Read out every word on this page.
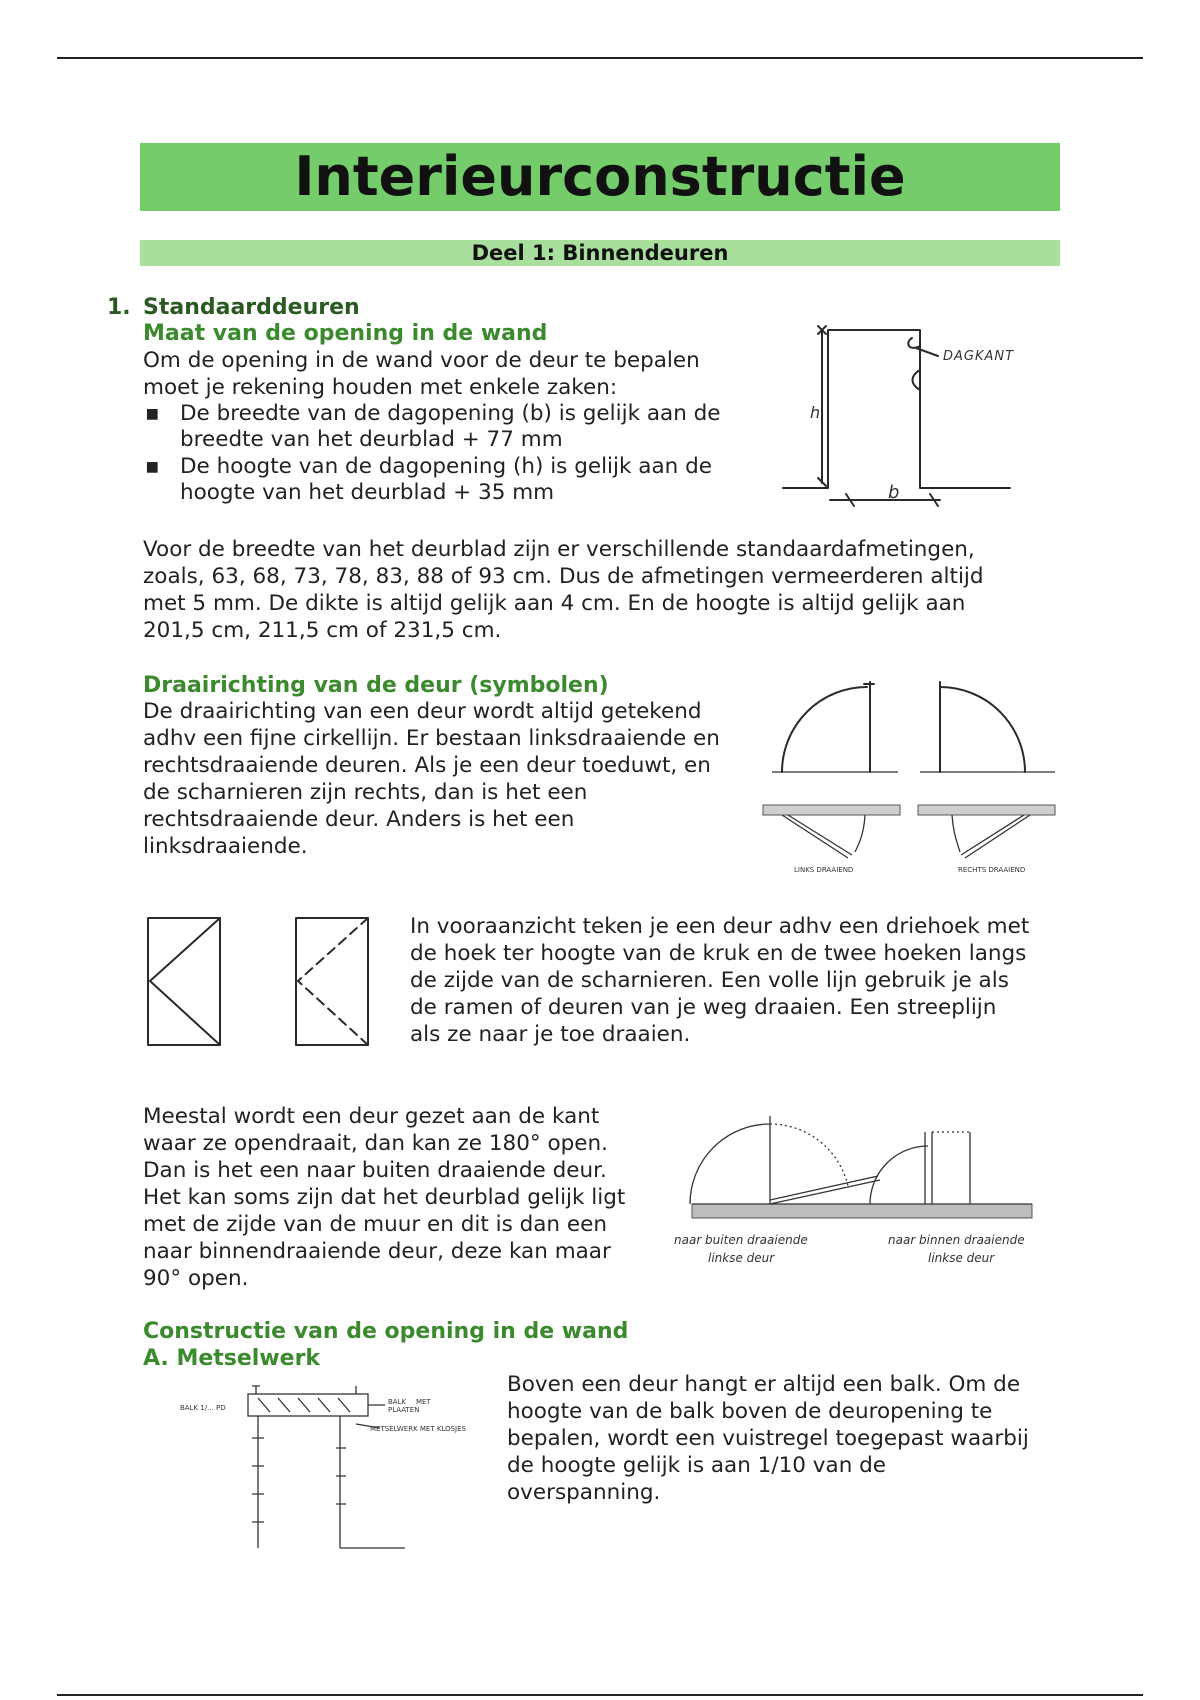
Interieurconstructie
Deel 1: Binnendeuren
1. Standaarddeuren

Maat van de opening in de wand

Om de opening in de wand voor de deur te bepalen

moet je rekening houden met enkele zaken:

▪ De breedte van de dagopening (b) is gelijk aan de
breedte van het deurblad + 77 mm
▪ De hoogte van de dagopening (h) is gelijk aan de
hoogte van het deurblad + 35 mm
DAGKANT
h
b

Voor de breedte van het deurblad zijn er verschillende standaardafmetingen,

zoals, 63, 68, 73, 78, 83, 88 of 93 cm. Dus de afmetingen vermeerderen altijd

met 5 mm. De dikte is altijd gelijk aan 4 cm. En de hoogte is altijd gelijk aan

201,5 cm, 211,5 cm of 231,5 cm.

Draairichting van de deur (symbolen)

De draairichting van een deur wordt altijd getekend

adhv een fijne cirkellijn. Er bestaan linksdraaiende en

rechtsdraaiende deuren. Als je een deur toeduwt, en

de scharnieren zijn rechts, dan is het een

rechtsdraaiende deur. Anders is het een

linksdraaiende.

LINKS DRAAIEND	RECHTS DRAAIEND

In vooraanzicht teken je een deur adhv een driehoek met

de hoek ter hoogte van de kruk en de twee hoeken langs

de zijde van de scharnieren. Een volle lijn gebruik je als

de ramen of deuren van je weg draaien. Een streeplijn

als ze naar je toe draaien.

Meestal wordt een deur gezet aan de kant

waar ze opendraait, dan kan ze 180° open.

Dan is het een naar buiten draaiende deur.

Het kan soms zijn dat het deurblad gelijk ligt

met de zijde van de muur en dit is dan een

naar binnendraaiende deur, deze kan maar

90° open.

naar buiten draaiende
linkse deur
naar binnen draaiende
linkse deur

Constructie van de opening in de wand

A. Metselwerk

BALK MET
PLAATEN
BALK 1/... PD
METSELWERK MET KLOSJES

Boven een deur hangt er altijd een balk. Om de

hoogte van de balk boven de deuropening te

bepalen, wordt een vuistregel toegepast waarbij

de hoogte gelijk is aan 1/10 van de

overspanning.
